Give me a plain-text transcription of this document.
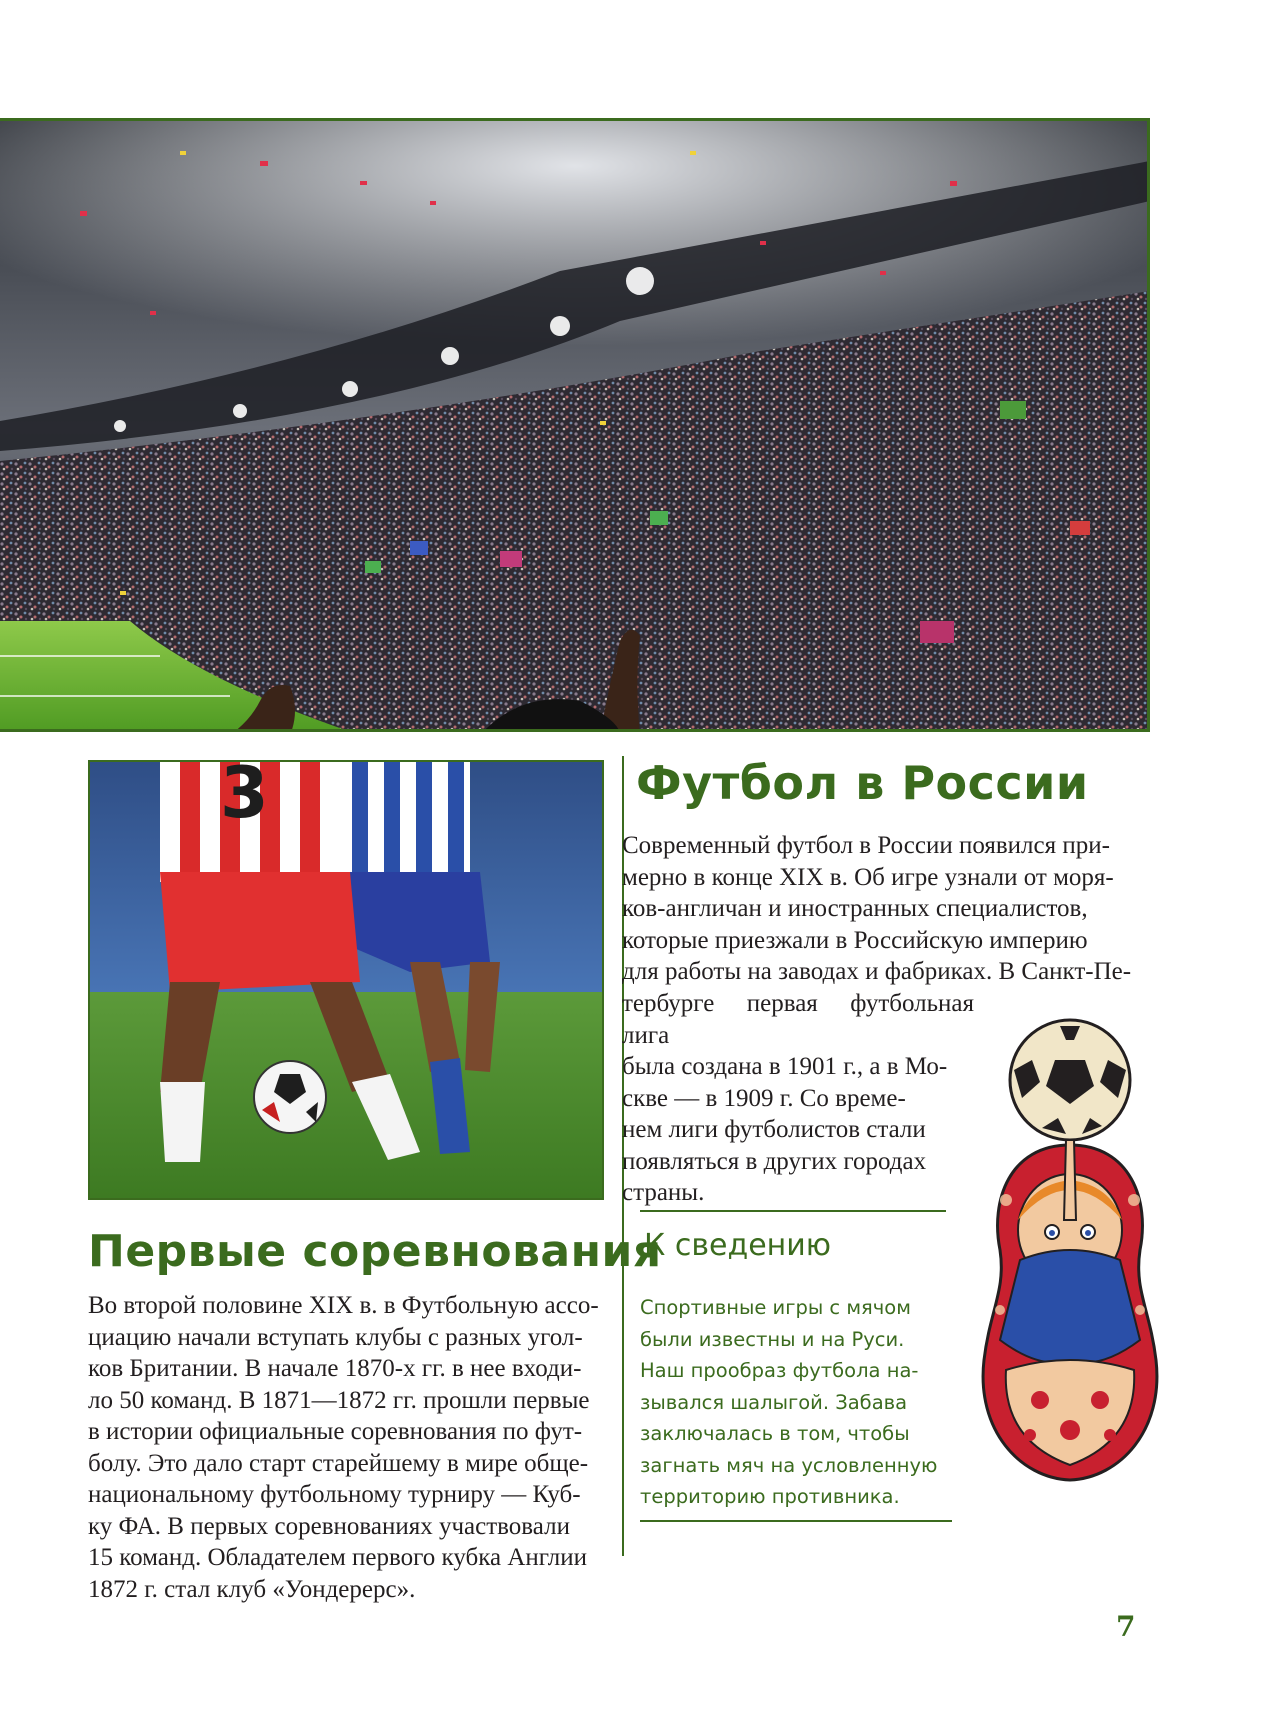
3	Футбол в России
Современный футбол в России появился при-
мерно в конце XIX в. Об игре узнали от моря-
ков-англичан и иностранных специалистов,
которые приезжали в Российскую империю
для работы на заводах и фабриках. В Санкт-Пе-
тербурге первая футбольная лига
была создана в 1901 г., а в Мо-
скве — в 1909 г. Со време-
нем лиги футболистов стали
появляться в других городах
страны.
Первые соревнования
Во второй половине XIX в. в Футбольную ассо-
циацию начали вступать клубы с разных угол-
ков Британии. В начале 1870-х гг. в нее входи-
ло 50 команд. В 1871—1872 гг. прошли первые
в истории официальные соревнования по фут-
болу. Это дало старт старейшему в мире обще-
национальному футбольному турниру — Куб-
ку ФА. В первых соревнованиях участвовали
15 команд. Обладателем первого кубка Англии
1872 г. стал клуб «Уондерерс».
К сведению
Спортивные игры с мячом
были известны и на Руси.
Наш прообраз футбола на-
зывался шалыгой. Забава
заключалась в том, чтобы
загнать мяч на условленную
территорию противника.
7
